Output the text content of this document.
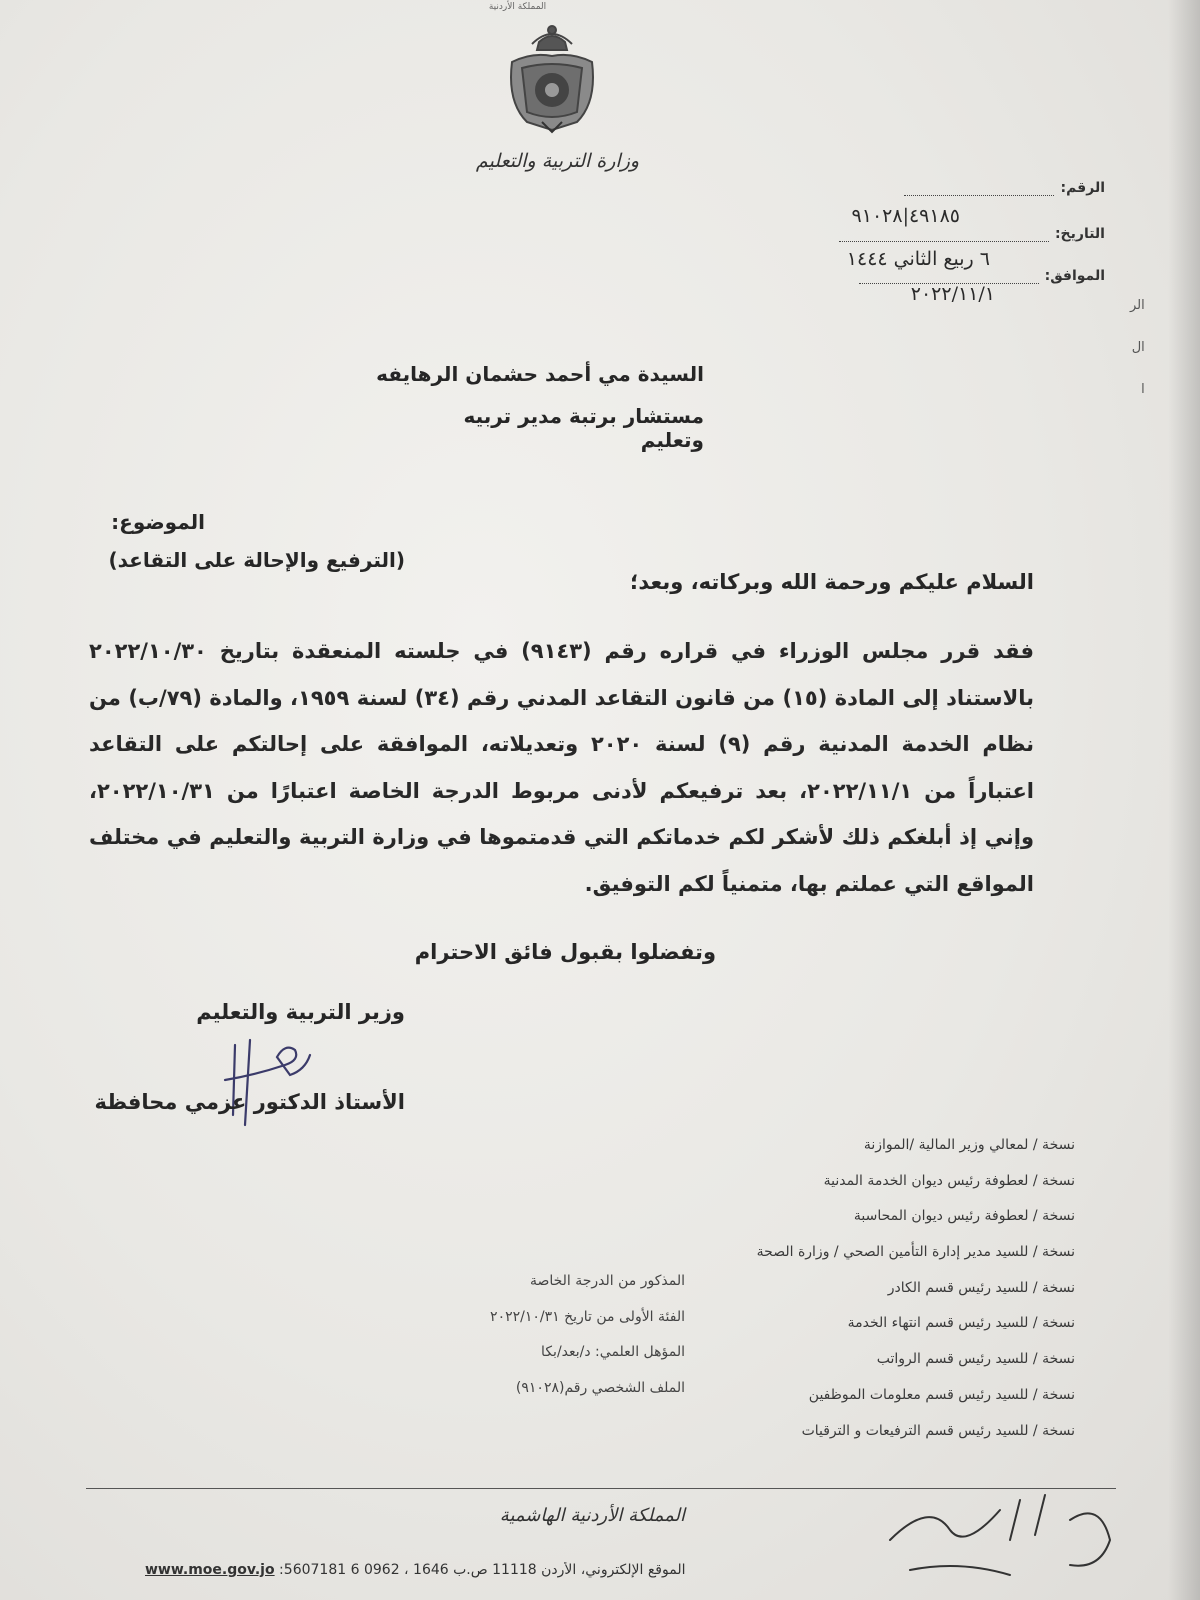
المملكة الأردنية
وزارة التربية والتعليم
الرقم:
٤٩١٨٥|٩١٠٢٨
التاريخ:
٦ ربيع الثاني ١٤٤٤
الموافق:
٢٠٢٢/١١/١
الر
ال
ا
السيدة مي أحمد حشمان الرهايفه
مستشار برتبة مدير تربيه
وتعليم
الموضوع:
(الترفيع والإحالة على التقاعد)
السلام عليكم ورحمة الله وبركاته، وبعد؛
فقد قرر مجلس الوزراء في قراره رقم (٩١٤٣) في جلسته المنعقدة بتاريخ ٢٠٢٢/١٠/٣٠ بالاستناد إلى المادة (١٥) من قانون التقاعد المدني رقم (٣٤) لسنة ١٩٥٩، والمادة (٧٩/ب) من نظام الخدمة المدنية رقم (٩) لسنة ٢٠٢٠ وتعديلاته، الموافقة على إحالتكم على التقاعد اعتباراً من ٢٠٢٢/١١/١، بعد ترفيعكم لأدنى مربوط الدرجة الخاصة اعتبارًا من ٢٠٢٢/١٠/٣١، وإني إذ أبلغكم ذلك لأشكر لكم خدماتكم التي قدمتموها في وزارة التربية والتعليم في مختلف المواقع التي عملتم بها، متمنياً لكم التوفيق.
وتفضلوا بقبول فائق الاحترام
وزير التربية والتعليم
الأستاذ الدكتور عزمي محافظة
نسخة / لمعالي وزير المالية /الموازنة
نسخة / لعطوفة رئيس ديوان الخدمة المدنية
نسخة / لعطوفة رئيس ديوان المحاسبة
نسخة / للسيد مدير إدارة التأمين الصحي / وزارة الصحة
نسخة / للسيد رئيس قسم الكادر
نسخة / للسيد رئيس قسم انتهاء الخدمة
نسخة / للسيد رئيس قسم الرواتب
نسخة / للسيد رئيس قسم معلومات الموظفين
نسخة / للسيد رئيس قسم الترفيعات و الترقيات
المذكور من الدرجة الخاصة
الفئة الأولى من تاريخ ٢٠٢٢/١٠/٣١
المؤهل العلمي: د/بعد/بكا
الملف الشخصي رقم(٩١٠٢٨)
المملكة الأردنية الهاشمية
www.moe.gov.jo :الموقع الإلكتروني، الأردن 11118 ص.ب 1646 ، 0962 6 5607181
